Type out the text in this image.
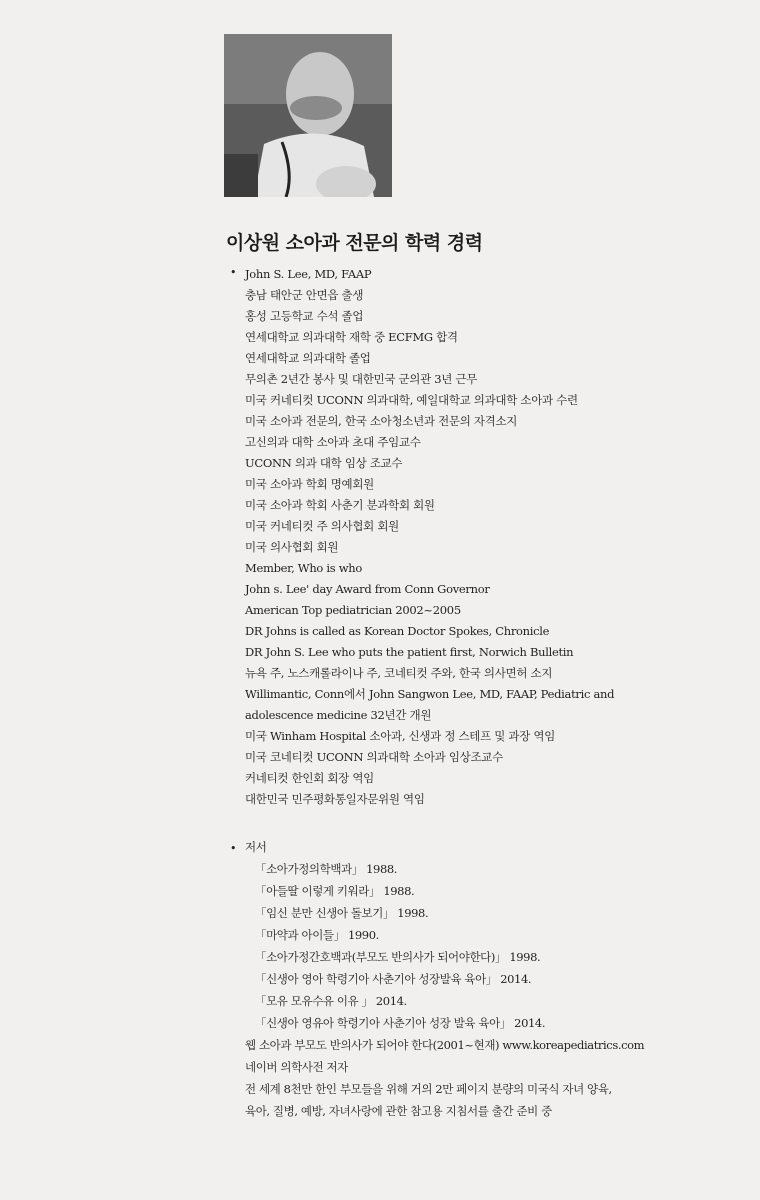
이상원 소아과 전문의 학력 경력
• John S. Lee, MD, FAAP
충남 태안군 안면읍 출생
홍성 고등학교 수석 졸업
연세대학교 의과대학 재학 중 ECFMG 합격
연세대학교 의과대학 졸업
무의촌 2년간 봉사 및 대한민국 군의관 3년 근무
미국 커네티컷 UCONN 의과대학, 예일대학교 의과대학 소아과 수련
미국 소아과 전문의, 한국 소아청소년과 전문의 자격소지
고신의과 대학 소아과 초대 주임교수
UCONN 의과 대학 임상 조교수
미국 소아과 학회 명예회원
미국 소아과 학회 사춘기 분과학회 회원
미국 커네티컷 주 의사협회 회원
미국 의사협회 회원
Member, Who is who
John s. Lee' day Award from Conn Governor
American Top pediatrician 2002~2005
DR Johns is called as Korean Doctor Spokes, Chronicle
DR John S. Lee who puts the patient first, Norwich Bulletin
뉴욕 주, 노스캐롤라이나 주, 코네티컷 주와, 한국 의사면허 소지
Willimantic, Conn에서 John Sangwon Lee, MD, FAAP, Pediatric and
adolescence medicine 32년간 개원
미국 Winham Hospital 소아과, 신생과 정 스테프 및 과장 역임
미국 코네티컷 UCONN 의과대학 소아과 임상조교수
커네티컷 한인회 회장 역임
대한민국 민주평화통일자문위원 역임
• 저서
「소아가정의학백과」 1988.
「아들딸 이렇게 키워라」 1988.
「임신 분만 신생아 돌보기」 1998.
「마약과 아이들」 1990.
「소아가정간호백과(부모도 반의사가 되어야한다)」 1998.
「신생아 영아 학령기아 사춘기아 성장발육 육아」 2014.
「모유 모유수유 이유 」 2014.
「신생아 영유아 학령기아 사춘기아 성장 발육 육아」 2014.
웹 소아과 부모도 반의사가 되어야 한다(2001~현재) www.koreapediatrics.com
네이버 의학사전 저자
전 세계 8천만 한인 부모들을 위해 거의 2만 페이지 분량의 미국식 자녀 양육,
육아, 질병, 예방, 자녀사랑에 관한 참고용 지침서를 출간 준비 중
